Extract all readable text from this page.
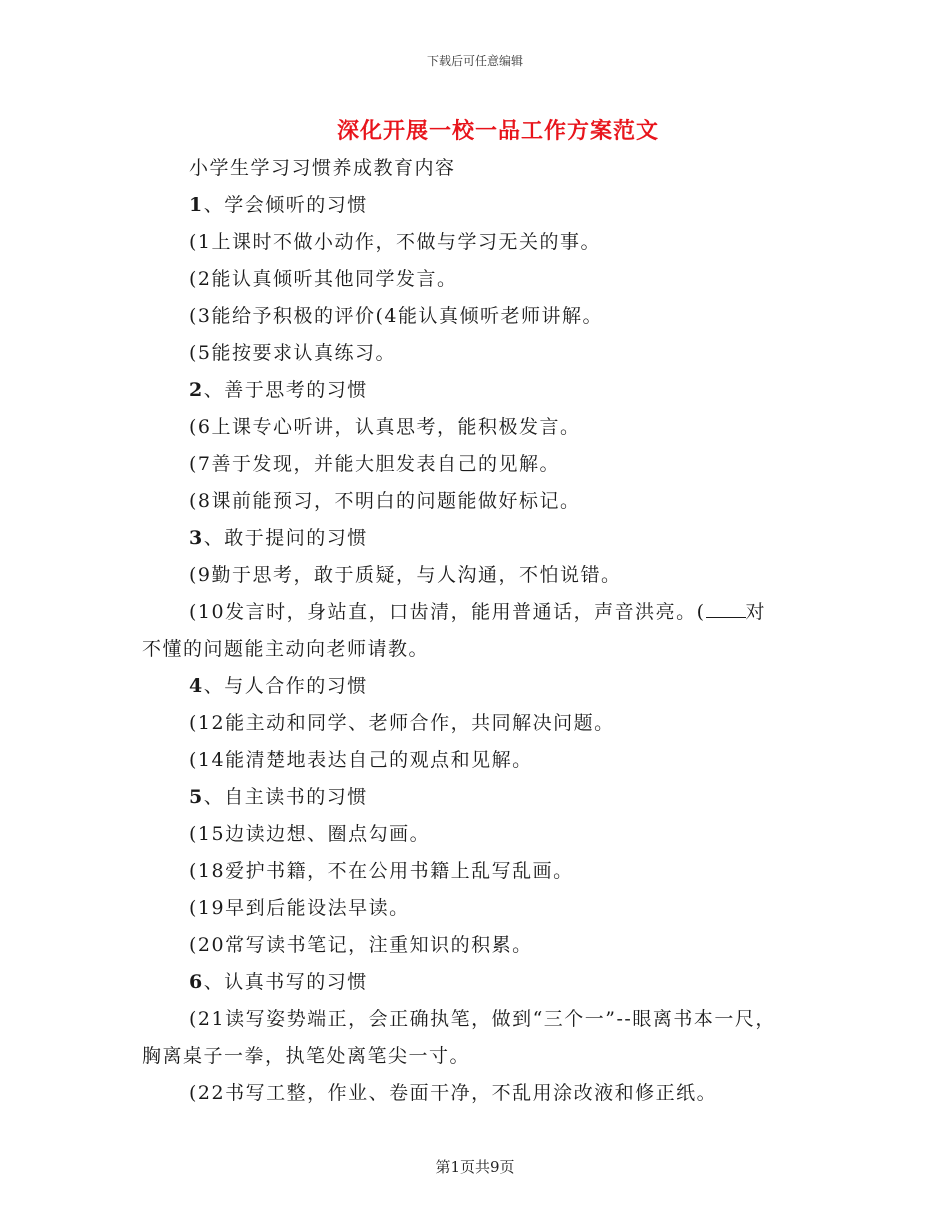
下载后可任意编辑
深化开展一校一品工作方案范文
小学生学习习惯养成教育内容
1、学会倾听的习惯
(1上课时不做小动作，不做与学习无关的事。
(2能认真倾听其他同学发言。
(3能给予积极的评价(4能认真倾听老师讲解。
(5能按要求认真练习。
2、善于思考的习惯
(6上课专心听讲，认真思考，能积极发言。
(7善于发现，并能大胆发表自己的见解。
(8课前能预习，不明白的问题能做好标记。
3、敢于提问的习惯
(9勤于思考，敢于质疑，与人沟通，不怕说错。
(10发言时，身站直，口齿清，能用普通话，声音洪亮。( 对
不懂的问题能主动向老师请教。
4、与人合作的习惯
(12能主动和同学、老师合作，共同解决问题。
(14能清楚地表达自己的观点和见解。
5、自主读书的习惯
(15边读边想、圈点勾画。
(18爱护书籍，不在公用书籍上乱写乱画。
(19早到后能设法早读。
(20常写读书笔记，注重知识的积累。
6、认真书写的习惯
(21读写姿势端正，会正确执笔，做到“三个一”--眼离书本一尺，
胸离桌子一拳，执笔处离笔尖一寸。
(22书写工整，作业、卷面干净，不乱用涂改液和修正纸。
第1页共9页
